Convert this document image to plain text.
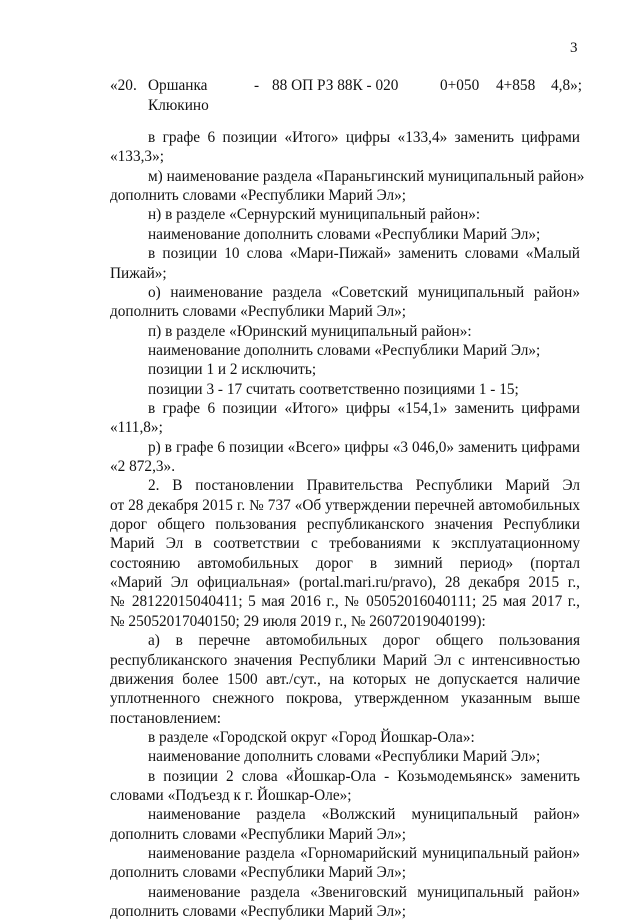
3
«20. Оршанка
Клюкино
- 88 ОП РЗ 88К - 020	0+050 4+858 4,8»;
в графе 6 позиции «Итого» цифры «133,4» заменить цифрами
«133,3»;
м) наименование раздела «Параньгинский муниципальный район»
дополнить словами «Республики Марий Эл»;
н) в разделе «Сернурский муниципальный район»:
наименование дополнить словами «Республики Марий Эл»;
в позиции 10 слова «Мари-Пижай» заменить словами «Малый
Пижай»;
о) наименование раздела «Советский муниципальный район»
дополнить словами «Республики Марий Эл»;
п) в разделе «Юринский муниципальный район»:
наименование дополнить словами «Республики Марий Эл»;
позиции 1 и 2 исключить;
позиции 3 - 17 считать соответственно позициями 1 - 15;
в графе 6 позиции «Итого» цифры «154,1» заменить цифрами
«111,8»;
р) в графе 6 позиции «Всего» цифры «3 046,0» заменить цифрами
«2 872,3».
2. В постановлении Правительства Республики Марий Эл
от 28 декабря 2015 г. № 737 «Об утверждении перечней автомобильных
дорог общего пользования республиканского значения Республики
Марий Эл в соответствии с требованиями к эксплуатационному
состоянию автомобильных дорог в зимний период» (портал
«Марий Эл официальная» (portal.mari.ru/pravo), 28 декабря 2015 г.,
№ 28122015040411; 5 мая 2016 г., № 05052016040111; 25 мая 2017 г.,
№ 25052017040150; 29 июля 2019 г., № 26072019040199):
а) в перечне автомобильных дорог общего пользования
республиканского значения Республики Марий Эл с интенсивностью
движения более 1500 авт./сут., на которых не допускается наличие
уплотненного снежного покрова, утвержденном указанным выше
постановлением:
в разделе «Городской округ «Город Йошкар-Ола»:
наименование дополнить словами «Республики Марий Эл»;
в позиции 2 слова «Йошкар-Ола - Козьмодемьянск» заменить
словами «Подъезд к г. Йошкар-Оле»;
наименование раздела «Волжский муниципальный район»
дополнить словами «Республики Марий Эл»;
наименование раздела «Горномарийский муниципальный район»
дополнить словами «Республики Марий Эл»;
наименование раздела «Звениговский муниципальный район»
дополнить словами «Республики Марий Эл»;
